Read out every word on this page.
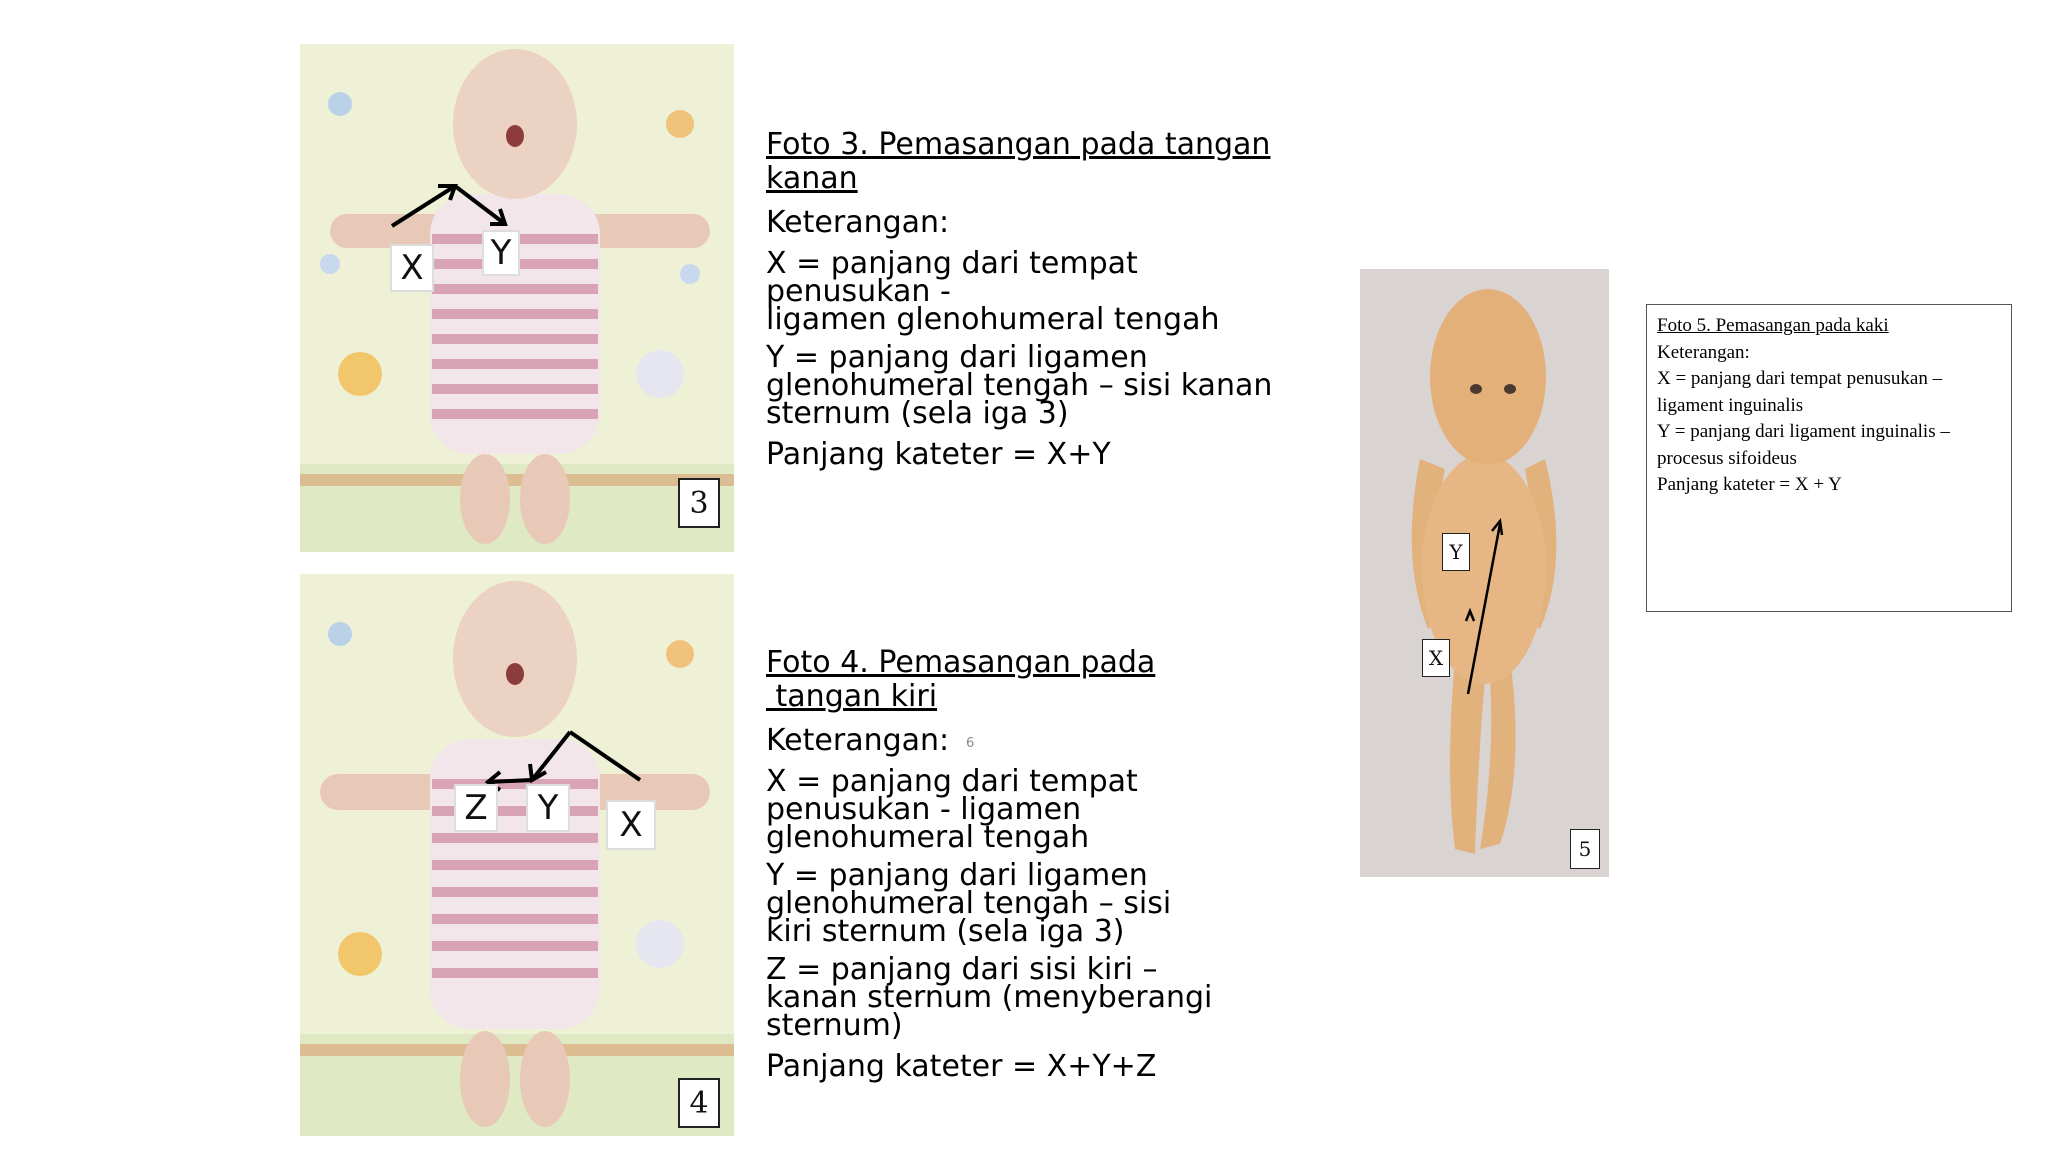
X	Y
3
Z	Y	X
4
Foto 3. Pemasangan pada tangan
kanan
Keterangan:

X = panjang dari tempat penusukan -
ligamen glenohumeral tengah

Y = panjang dari ligamen
glenohumeral tengah – sisi kanan
sternum (sela iga 3)

Panjang kateter = X+Y
Foto 4. Pemasangan pada
tangan kiri
Keterangan:

X = panjang dari tempat
penusukan - ligamen
glenohumeral tengah

Y = panjang dari ligamen
glenohumeral tengah – sisi
kiri sternum (sela iga 3)

Z = panjang dari sisi kiri –
kanan sternum (menyberangi
sternum)

Panjang kateter = X+Y+Z
6
Y
X
5
Foto 5. Pemasangan pada kaki
Keterangan:
X = panjang dari tempat penusukan –
ligament inguinalis
Y = panjang dari ligament inguinalis –
procesus sifoideus
Panjang kateter = X + Y
